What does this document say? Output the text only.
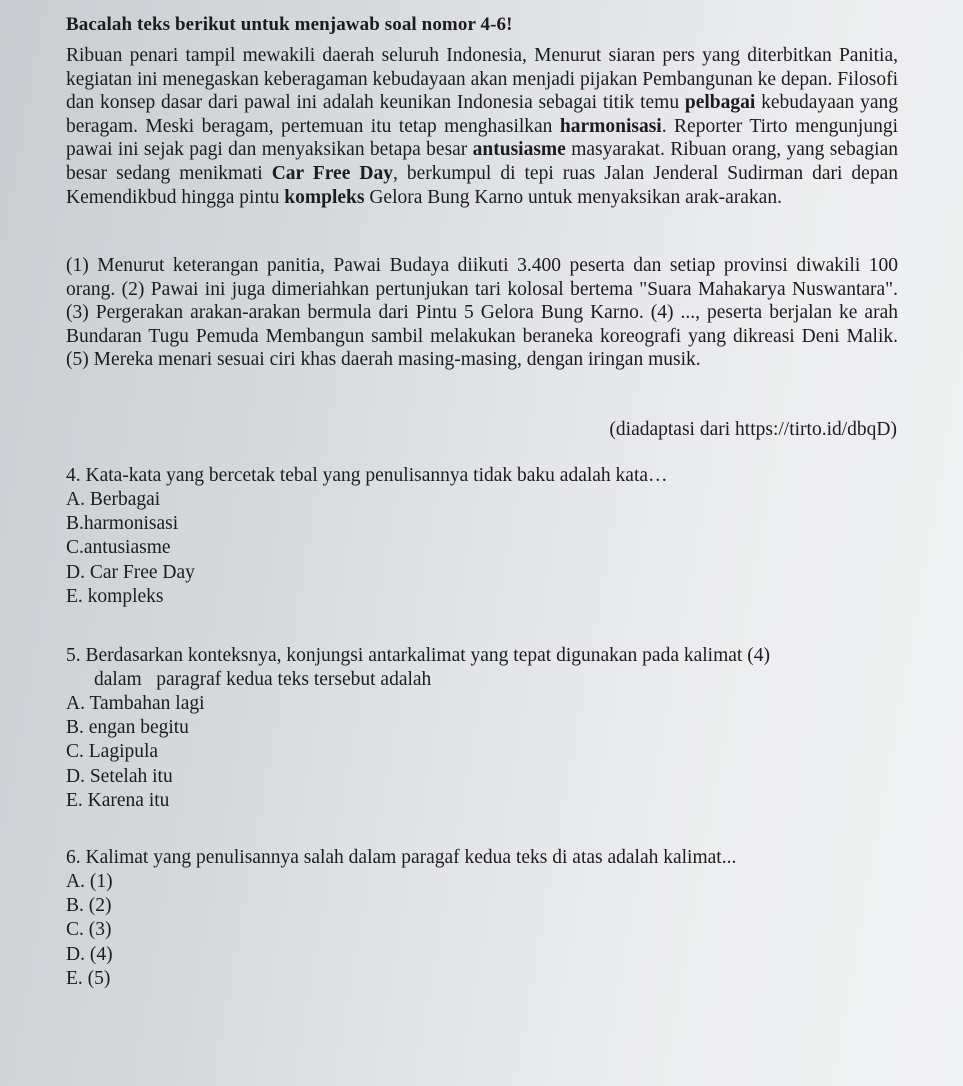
Bacalah teks berikut untuk menjawab soal nomor 4-6!

Ribuan penari tampil mewakili daerah seluruh Indonesia, Menurut siaran pers yang diterbitkan Panitia, kegiatan ini menegaskan keberagaman kebudayaan akan menjadi pijakan Pembangunan ke depan. Filosofi dan konsep dasar dari pawal ini adalah keunikan Indonesia sebagai titik temu pelbagai kebudayaan yang beragam. Meski beragam, pertemuan itu tetap menghasilkan harmonisasi. Reporter Tirto mengunjungi pawai ini sejak pagi dan menyaksikan betapa besar antusiasme masyarakat. Ribuan orang, yang sebagian besar sedang menikmati Car Free Day, berkumpul di tepi ruas Jalan Jenderal Sudirman dari depan Kemendikbud hingga pintu kompleks Gelora Bung Karno untuk menyaksikan arak-arakan.

(1) Menurut keterangan panitia, Pawai Budaya diikuti 3.400 peserta dan setiap provinsi diwakili 100 orang. (2) Pawai ini juga dimeriahkan pertunjukan tari kolosal bertema "Suara Mahakarya Nuswantara". (3) Pergerakan arakan-arakan bermula dari Pintu 5 Gelora Bung Karno. (4) ..., peserta berjalan ke arah Bundaran Tugu Pemuda Membangun sambil melakukan beraneka koreografi yang dikreasi Deni Malik. (5) Mereka menari sesuai ciri khas daerah masing-masing, dengan iringan musik.

(diadaptasi dari https://tirto.id/dbqD)

4. Kata-kata yang bercetak tebal yang penulisannya tidak baku adalah kata…

A. Berbagai
B.harmonisasi
C.antusiasme
D. Car Free Day
E. kompleks

5. Berdasarkan konteksnya, konjungsi antarkalimat yang tepat digunakan pada kalimat (4)

dalam   paragraf kedua teks tersebut adalah

A. Tambahan lagi
B. engan begitu
C. Lagipula
D. Setelah itu
E. Karena itu

6. Kalimat yang penulisannya salah dalam paragaf kedua teks di atas adalah kalimat...

A. (1)
B. (2)
C. (3)
D. (4)
E. (5)
